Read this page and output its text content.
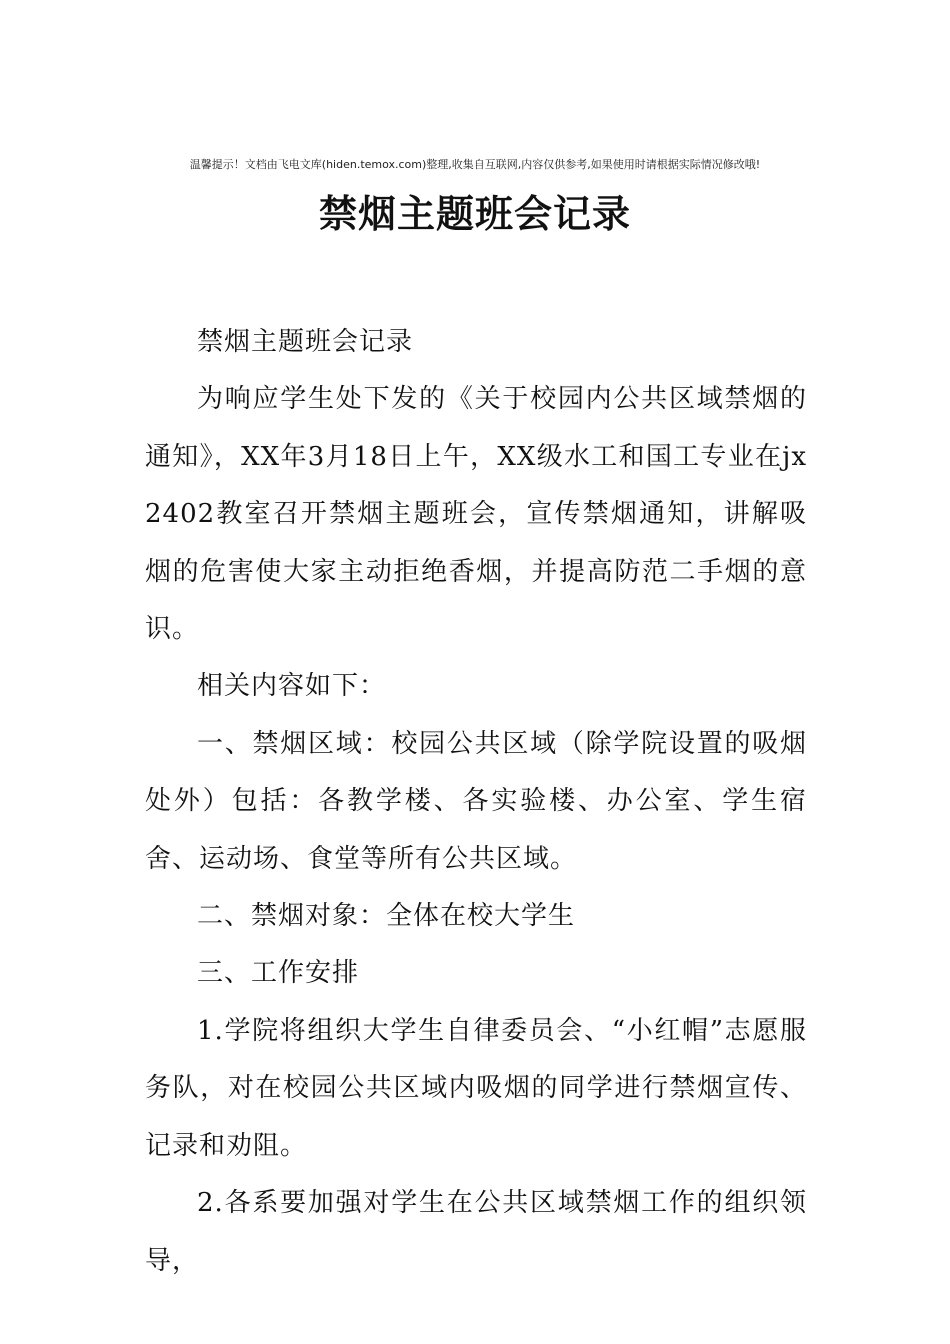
温馨提示！文档由飞电文库(hiden.temox.com)整理,收集自互联网,内容仅供参考,如果使用时请根据实际情况修改哦!
禁烟主题班会记录

禁烟主题班会记录

为响应学生处下发的《关于校园内公共区域禁烟的通知》，XX年3月18日上午，XX级水工和国工专业在jx2402教室召开禁烟主题班会，宣传禁烟通知，讲解吸烟的危害使大家主动拒绝香烟，并提高防范二手烟的意识。

相关内容如下：

一、禁烟区域：校园公共区域（除学院设置的吸烟处外）包括：各教学楼、各实验楼、办公室、学生宿舍、运动场、食堂等所有公共区域。

二、禁烟对象：全体在校大学生

三、工作安排

1.学院将组织大学生自律委员会、“小红帽”志愿服务队，对在校园公共区域内吸烟的同学进行禁烟宣传、记录和劝阻。

2.各系要加强对学生在公共区域禁烟工作的组织领导，
